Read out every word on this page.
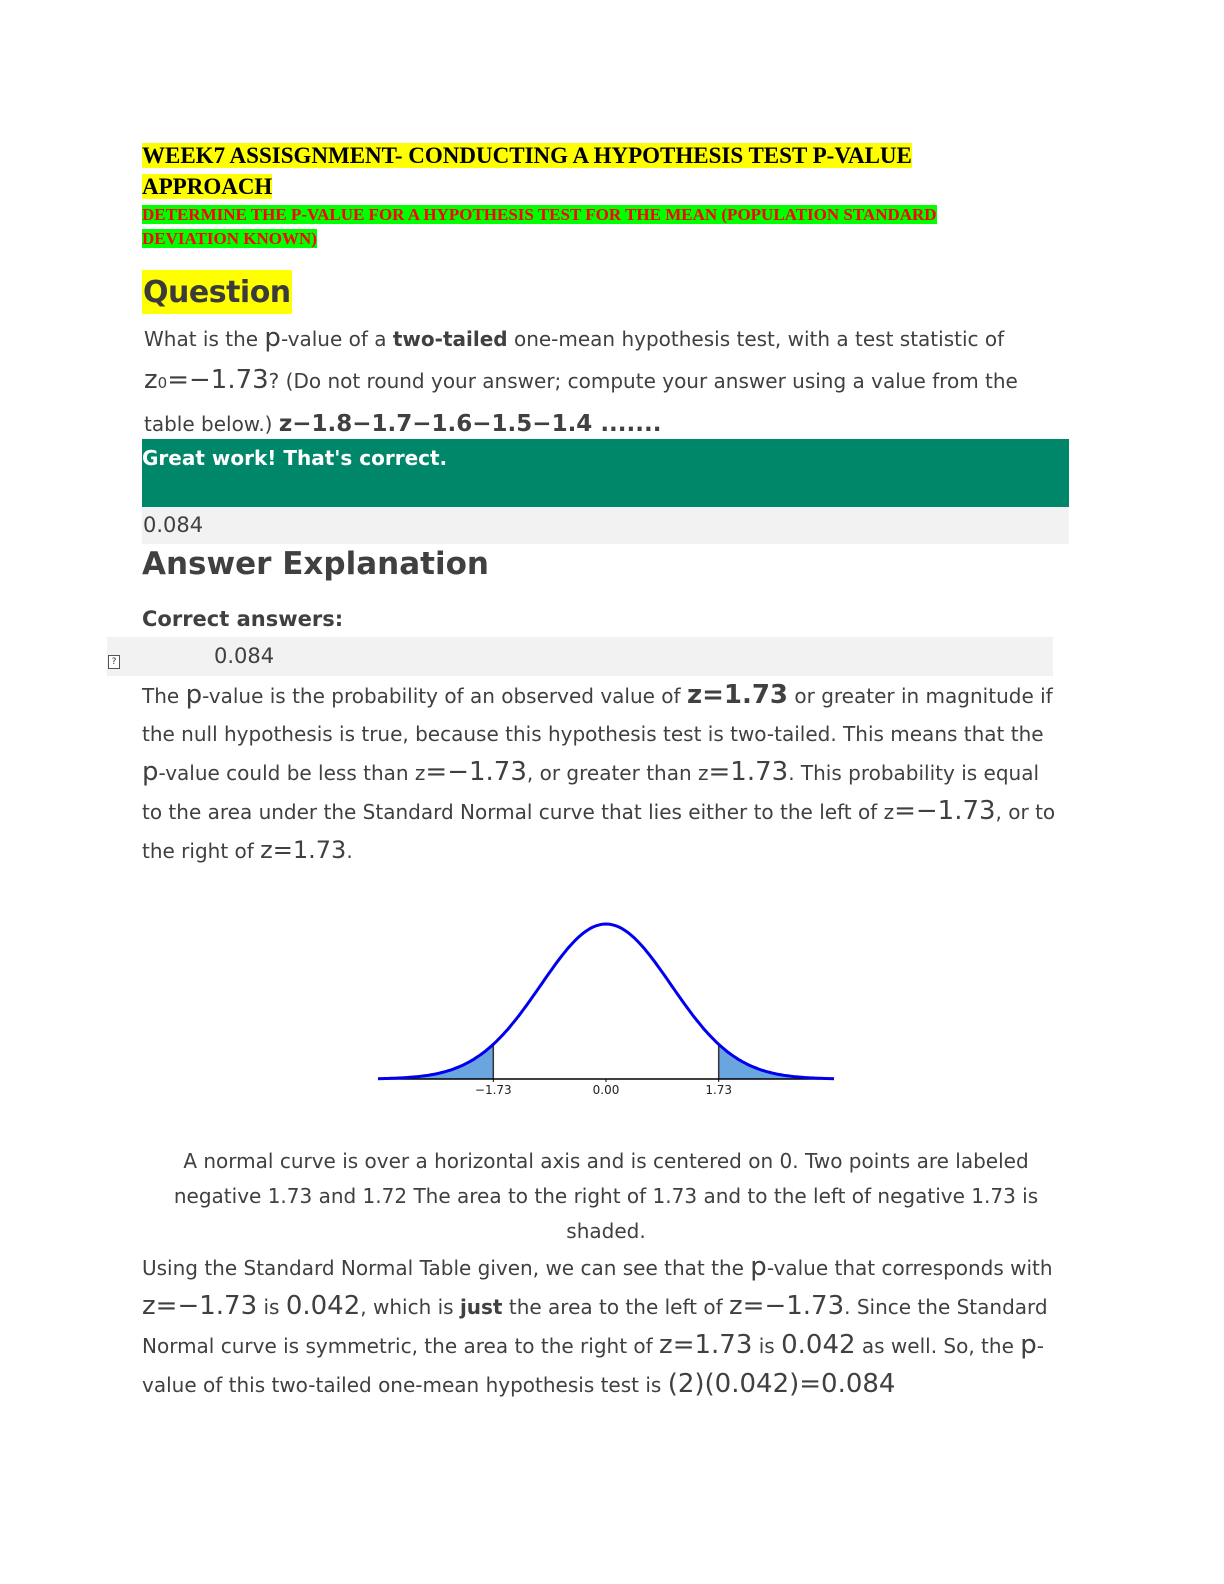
WEEK7 ASSISGNMENT- CONDUCTING A HYPOTHESIS TEST P-VALUE APPROACH
DETERMINE THE P-VALUE FOR A HYPOTHESIS TEST FOR THE MEAN (POPULATION STANDARD DEVIATION KNOWN)
Question
What is the p-value of a two-tailed one-mean hypothesis test, with a test statistic of
z0=−1.73? (Do not round your answer; compute your answer using a value from the table below.) z−1.8−1.7−1.6−1.5−1.4 .......
Great work! That's correct.
0.084
Answer Explanation
Correct answers:
?	0.084
The p-value is the probability of an observed value of z=1.73 or greater in magnitude if the null hypothesis is true, because this hypothesis test is two-tailed. This means that the p-value could be less than z=−1.73, or greater than z=1.73. This probability is equal to the area under the Standard Normal curve that lies either to the left of z=−1.73, or to the right of z=1.73.
−1.73	0.00	1.73
A normal curve is over a horizontal axis and is centered on 0. Two points are labeled negative 1.73 and 1.72 The area to the right of 1.73 and to the left of negative 1.73 is shaded.
Using the Standard Normal Table given, we can see that the p-value that corresponds with z=−1.73 is 0.042, which is just the area to the left of z=−1.73. Since the Standard Normal curve is symmetric, the area to the right of z=1.73 is 0.042 as well. So, the p-value of this two-tailed one-mean hypothesis test is (2)(0.042)=0.084
